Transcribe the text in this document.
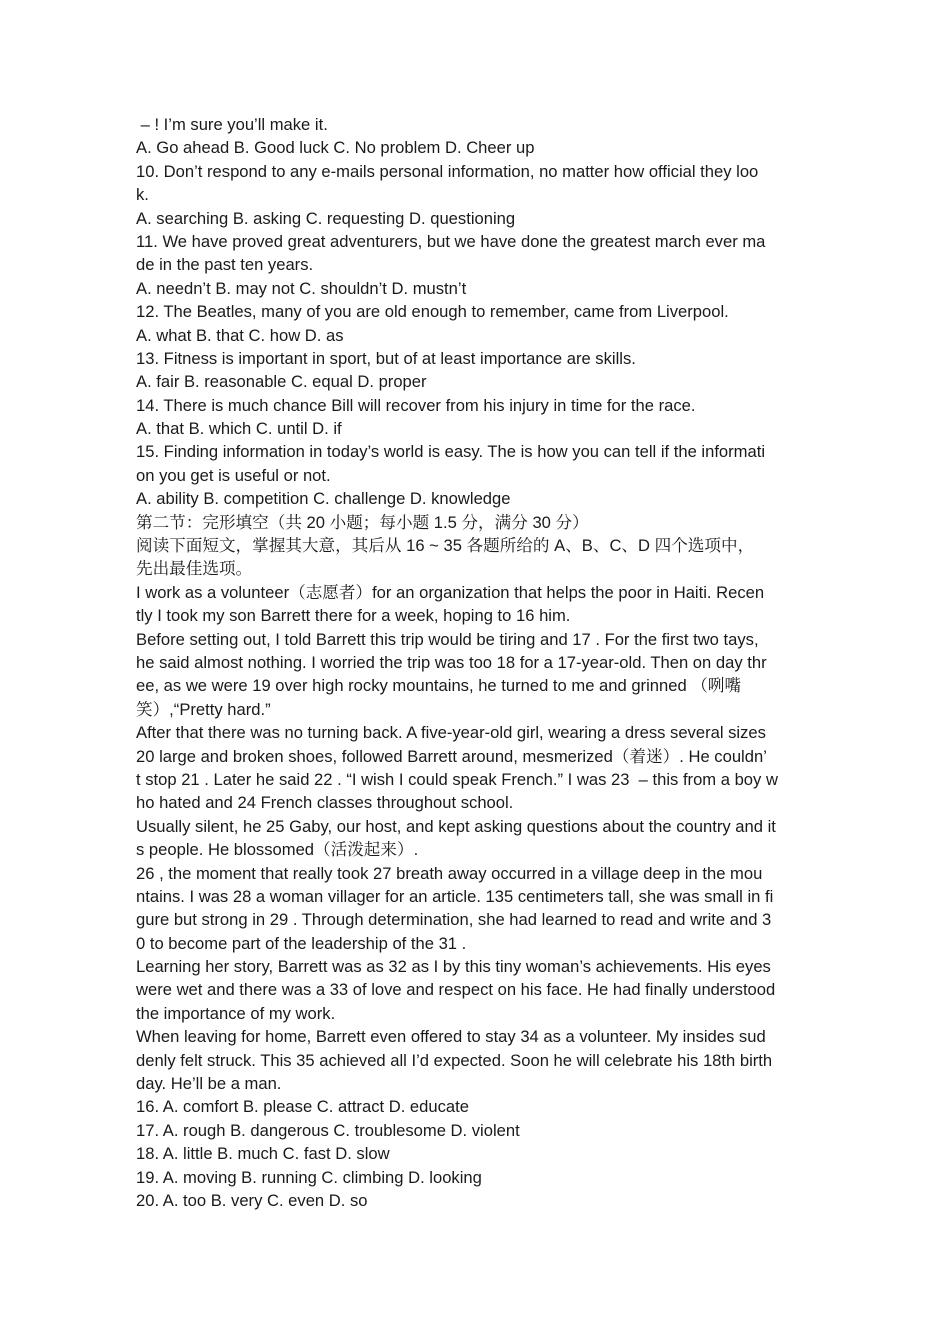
– ! I’m sure you’ll make it.
A. Go ahead B. Good luck C. No problem D. Cheer up
10. Don’t respond to any e-mails personal information, no matter how official they loo
k.
A. searching B. asking C. requesting D. questioning
11. We have proved great adventurers, but we have done the greatest march ever ma
de in the past ten years.
A. needn’t B. may not C. shouldn’t D. mustn’t
12. The Beatles, many of you are old enough to remember, came from Liverpool.
A. what B. that C. how D. as
13. Fitness is important in sport, but of at least importance are skills.
A. fair B. reasonable C. equal D. proper
14. There is much chance Bill will recover from his injury in time for the race.
A. that B. which C. until D. if
15. Finding information in today’s world is easy. The is how you can tell if the informati
on you get is useful or not.
A. ability B. competition C. challenge D. knowledge
第二节：完形填空（共 20 小题；每小题 1.5 分，满分 30 分）
阅读下面短文，掌握其大意，其后从 16 ~ 35 各题所给的 A、B、C、D 四个选项中，
先出最佳选项。
I work as a volunteer（志愿者）for an organization that helps the poor in Haiti. Recen
tly I took my son Barrett there for a week, hoping to 16 him.
Before setting out, I told Barrett this trip would be tiring and 17 . For the first two tays,
he said almost nothing. I worried the trip was too 18 for a 17-year-old. Then on day thr
ee, as we were 19 over high rocky mountains, he turned to me and grinned （咧嘴
笑）,“Pretty hard.”
After that there was no turning back. A five-year-old girl, wearing a dress several sizes
20 large and broken shoes, followed Barrett around, mesmerized（着迷）. He couldn’
t stop 21 . Later he said 22 . “I wish I could speak French.” I was 23  – this from a boy w
ho hated and 24 French classes throughout school.
Usually silent, he 25 Gaby, our host, and kept asking questions about the country and it
s people. He blossomed（活泼起来）.
26 , the moment that really took 27 breath away occurred in a village deep in the mou
ntains. I was 28 a woman villager for an article. 135 centimeters tall, she was small in fi
gure but strong in 29 . Through determination, she had learned to read and write and 3
0 to become part of the leadership of the 31 .
Learning her story, Barrett was as 32 as I by this tiny woman’s achievements. His eyes
were wet and there was a 33 of love and respect on his face. He had finally understood
the importance of my work.
When leaving for home, Barrett even offered to stay 34 as a volunteer. My insides sud
denly felt struck. This 35 achieved all I’d expected. Soon he will celebrate his 18th birth
day. He’ll be a man.
16. A. comfort B. please C. attract D. educate
17. A. rough B. dangerous C. troublesome D. violent
18. A. little B. much C. fast D. slow
19. A. moving B. running C. climbing D. looking
20. A. too B. very C. even D. so
